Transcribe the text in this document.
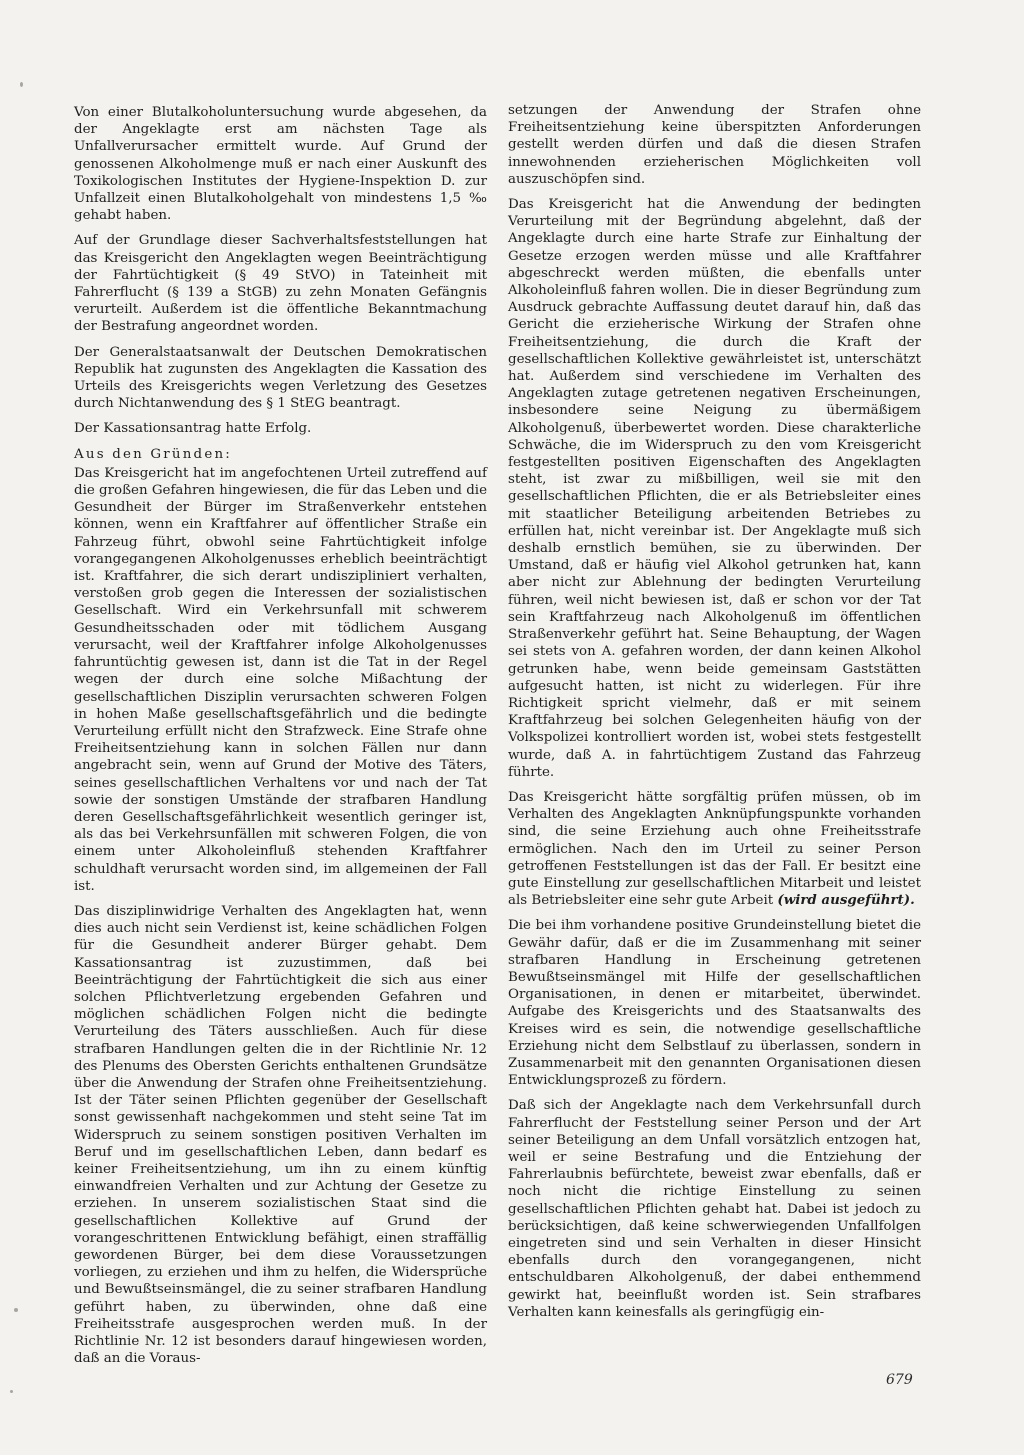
Von einer Blutalkoholuntersuchung wurde abgesehen, da der Angeklagte erst am nächsten Tage als Unfallverursacher ermittelt wurde. Auf Grund der genossenen Alkoholmenge muß er nach einer Auskunft des Toxikologischen Institutes der Hygiene-Inspektion D. zur Unfallzeit einen Blutalkoholgehalt von mindestens 1,5 ‰ gehabt haben.

Auf der Grundlage dieser Sachverhaltsfeststellungen hat das Kreisgericht den Angeklagten wegen Beeinträchtigung der Fahrtüchtigkeit (§ 49 StVO) in Tateinheit mit Fahrerflucht (§ 139 a StGB) zu zehn Monaten Gefängnis verurteilt. Außerdem ist die öffentliche Bekanntmachung der Bestrafung angeordnet worden.

Der Generalstaatsanwalt der Deutschen Demokratischen Republik hat zugunsten des Angeklagten die Kassation des Urteils des Kreisgerichts wegen Verletzung des Gesetzes durch Nichtanwendung des § 1 StEG beantragt.

Der Kassationsantrag hatte Erfolg.

Aus den Gründen:

Das Kreisgericht hat im angefochtenen Urteil zutreffend auf die großen Gefahren hingewiesen, die für das Leben und die Gesundheit der Bürger im Straßenverkehr entstehen können, wenn ein Kraftfahrer auf öffentlicher Straße ein Fahrzeug führt, obwohl seine Fahrtüchtigkeit infolge vorangegangenen Alkoholgenusses erheblich beeinträchtigt ist. Kraftfahrer, die sich derart undiszipliniert verhalten, verstoßen grob gegen die Interessen der sozialistischen Gesellschaft. Wird ein Verkehrsunfall mit schwerem Gesundheitsschaden oder mit tödlichem Ausgang verursacht, weil der Kraftfahrer infolge Alkoholgenusses fahruntüchtig gewesen ist, dann ist die Tat in der Regel wegen der durch eine solche Mißachtung der gesellschaftlichen Disziplin verursachten schweren Folgen in hohen Maße gesellschaftsgefährlich und die bedingte Verurteilung erfüllt nicht den Strafzweck. Eine Strafe ohne Freiheitsentziehung kann in solchen Fällen nur dann angebracht sein, wenn auf Grund der Motive des Täters, seines gesellschaftlichen Verhaltens vor und nach der Tat sowie der sonstigen Umstände der strafbaren Handlung deren Gesellschaftsgefährlichkeit wesentlich geringer ist, als das bei Verkehrsunfällen mit schweren Folgen, die von einem unter Alkoholeinfluß stehenden Kraftfahrer schuldhaft verursacht worden sind, im allgemeinen der Fall ist.

Das disziplinwidrige Verhalten des Angeklagten hat, wenn dies auch nicht sein Verdienst ist, keine schädlichen Folgen für die Gesundheit anderer Bürger gehabt. Dem Kassationsantrag ist zuzustimmen, daß bei Beeinträchtigung der Fahrtüchtigkeit die sich aus einer solchen Pflichtverletzung ergebenden Gefahren und möglichen schädlichen Folgen nicht die bedingte Verurteilung des Täters ausschließen. Auch für diese strafbaren Handlungen gelten die in der Richtlinie Nr. 12 des Plenums des Obersten Gerichts enthaltenen Grundsätze über die Anwendung der Strafen ohne Freiheitsentziehung. Ist der Täter seinen Pflichten gegenüber der Gesellschaft sonst gewissenhaft nachgekommen und steht seine Tat im Widerspruch zu seinem sonstigen positiven Verhalten im Beruf und im gesellschaftlichen Leben, dann bedarf es keiner Freiheitsentziehung, um ihn zu einem künftig einwandfreien Verhalten und zur Achtung der Gesetze zu erziehen. In unserem sozialistischen Staat sind die gesellschaftlichen Kollektive auf Grund der vorangeschrittenen Entwicklung befähigt, einen straffällig gewordenen Bürger, bei dem diese Voraussetzungen vorliegen, zu erziehen und ihm zu helfen, die Widersprüche und Bewußtseinsmängel, die zu seiner strafbaren Handlung geführt haben, zu überwinden, ohne daß eine Freiheitsstrafe ausgesprochen werden muß. In der Richtlinie Nr. 12 ist besonders darauf hingewiesen worden, daß an die Voraus-

setzungen der Anwendung der Strafen ohne Freiheitsentziehung keine überspitzten Anforderungen gestellt werden dürfen und daß die diesen Strafen innewohnenden erzieherischen Möglichkeiten voll auszuschöpfen sind.

Das Kreisgericht hat die Anwendung der bedingten Verurteilung mit der Begründung abgelehnt, daß der Angeklagte durch eine harte Strafe zur Einhaltung der Gesetze erzogen werden müsse und alle Kraftfahrer abgeschreckt werden müßten, die ebenfalls unter Alkoholeinfluß fahren wollen. Die in dieser Begründung zum Ausdruck gebrachte Auffassung deutet darauf hin, daß das Gericht die erzieherische Wirkung der Strafen ohne Freiheitsentziehung, die durch die Kraft der gesellschaftlichen Kollektive gewährleistet ist, unterschätzt hat. Außerdem sind verschiedene im Verhalten des Angeklagten zutage getretenen negativen Erscheinungen, insbesondere seine Neigung zu übermäßigem Alkoholgenuß, überbewertet worden. Diese charakterliche Schwäche, die im Widerspruch zu den vom Kreisgericht festgestellten positiven Eigenschaften des Angeklagten steht, ist zwar zu mißbilligen, weil sie mit den gesellschaftlichen Pflichten, die er als Betriebsleiter eines mit staatlicher Beteiligung arbeitenden Betriebes zu erfüllen hat, nicht vereinbar ist. Der Angeklagte muß sich deshalb ernstlich bemühen, sie zu überwinden. Der Umstand, daß er häufig viel Alkohol getrunken hat, kann aber nicht zur Ablehnung der bedingten Verurteilung führen, weil nicht bewiesen ist, daß er schon vor der Tat sein Kraftfahrzeug nach Alkoholgenuß im öffentlichen Straßenverkehr geführt hat. Seine Behauptung, der Wagen sei stets von A. gefahren worden, der dann keinen Alkohol getrunken habe, wenn beide gemeinsam Gaststätten aufgesucht hatten, ist nicht zu widerlegen. Für ihre Richtigkeit spricht vielmehr, daß er mit seinem Kraftfahrzeug bei solchen Gelegenheiten häufig von der Volkspolizei kontrolliert worden ist, wobei stets festgestellt wurde, daß A. in fahrtüchtigem Zustand das Fahrzeug führte.

Das Kreisgericht hätte sorgfältig prüfen müssen, ob im Verhalten des Angeklagten Anknüpfungspunkte vorhanden sind, die seine Erziehung auch ohne Freiheitsstrafe ermöglichen. Nach den im Urteil zu seiner Person getroffenen Feststellungen ist das der Fall. Er besitzt eine gute Einstellung zur gesellschaftlichen Mitarbeit und leistet als Betriebsleiter eine sehr gute Arbeit (wird ausgeführt).

Die bei ihm vorhandene positive Grundeinstellung bietet die Gewähr dafür, daß er die im Zusammenhang mit seiner strafbaren Handlung in Erscheinung getretenen Bewußtseinsmängel mit Hilfe der gesellschaftlichen Organisationen, in denen er mitarbeitet, überwindet. Aufgabe des Kreisgerichts und des Staatsanwalts des Kreises wird es sein, die notwendige gesellschaftliche Erziehung nicht dem Selbstlauf zu überlassen, sondern in Zusammenarbeit mit den genannten Organisationen diesen Entwicklungsprozeß zu fördern.

Daß sich der Angeklagte nach dem Verkehrsunfall durch Fahrerflucht der Feststellung seiner Person und der Art seiner Beteiligung an dem Unfall vorsätzlich entzogen hat, weil er seine Bestrafung und die Entziehung der Fahrerlaubnis befürchtete, beweist zwar ebenfalls, daß er noch nicht die richtige Einstellung zu seinen gesellschaftlichen Pflichten gehabt hat. Dabei ist jedoch zu berücksichtigen, daß keine schwerwiegenden Unfallfolgen eingetreten sind und sein Verhalten in dieser Hinsicht ebenfalls durch den vorangegangenen, nicht entschuldbaren Alkoholgenuß, der dabei enthemmend gewirkt hat, beeinflußt worden ist. Sein strafbares Verhalten kann keinesfalls als geringfügig ein-

679
